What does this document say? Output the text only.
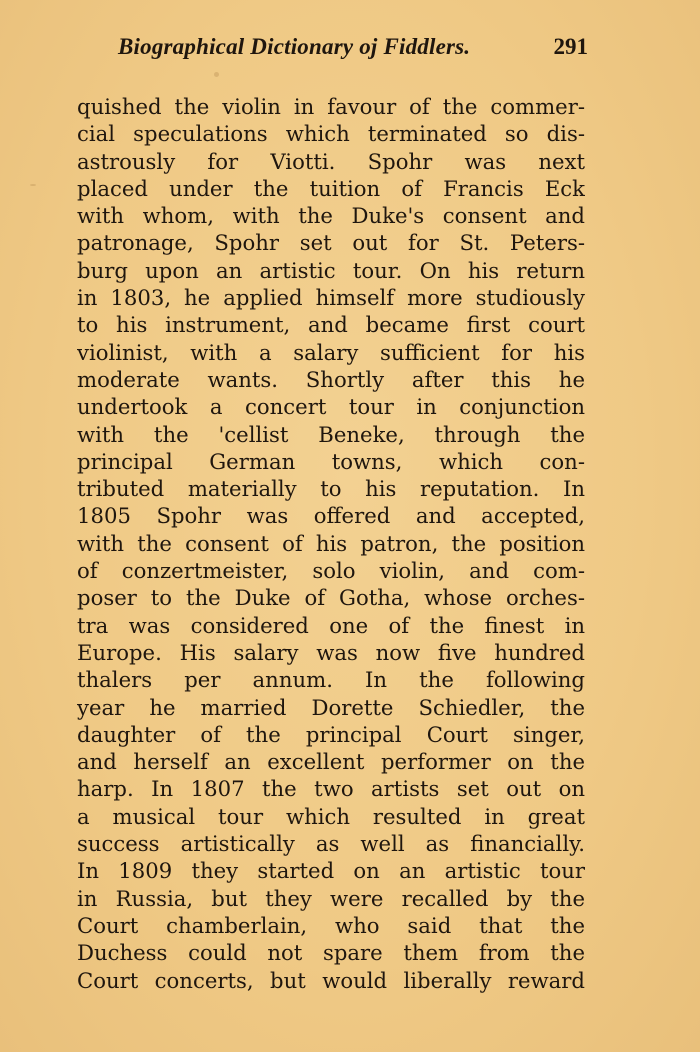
Biographical Dictionary oj Fiddlers.	291
quished the violin in favour of the commer-
cial speculations which terminated so dis-
astrously for Viotti. Spohr was next
placed under the tuition of Francis Eck
with whom, with the Duke's consent and
patronage, Spohr set out for St. Peters-
burg upon an artistic tour. On his return
in 1803, he applied himself more studiously
to his instrument, and became first court
violinist, with a salary sufficient for his
moderate wants. Shortly after this he
undertook a concert tour in conjunction
with the 'cellist Beneke, through the
principal German towns, which con-
tributed materially to his reputation. In
1805 Spohr was offered and accepted,
with the consent of his patron, the position
of conzertmeister, solo violin, and com-
poser to the Duke of Gotha, whose orches-
tra was considered one of the finest in
Europe. His salary was now five hundred
thalers per annum. In the following
year he married Dorette Schiedler, the
daughter of the principal Court singer,
and herself an excellent performer on the
harp. In 1807 the two artists set out on
a musical tour which resulted in great
success artistically as well as financially.
In 1809 they started on an artistic tour
in Russia, but they were recalled by the
Court chamberlain, who said that the
Duchess could not spare them from the
Court concerts, but would liberally reward
